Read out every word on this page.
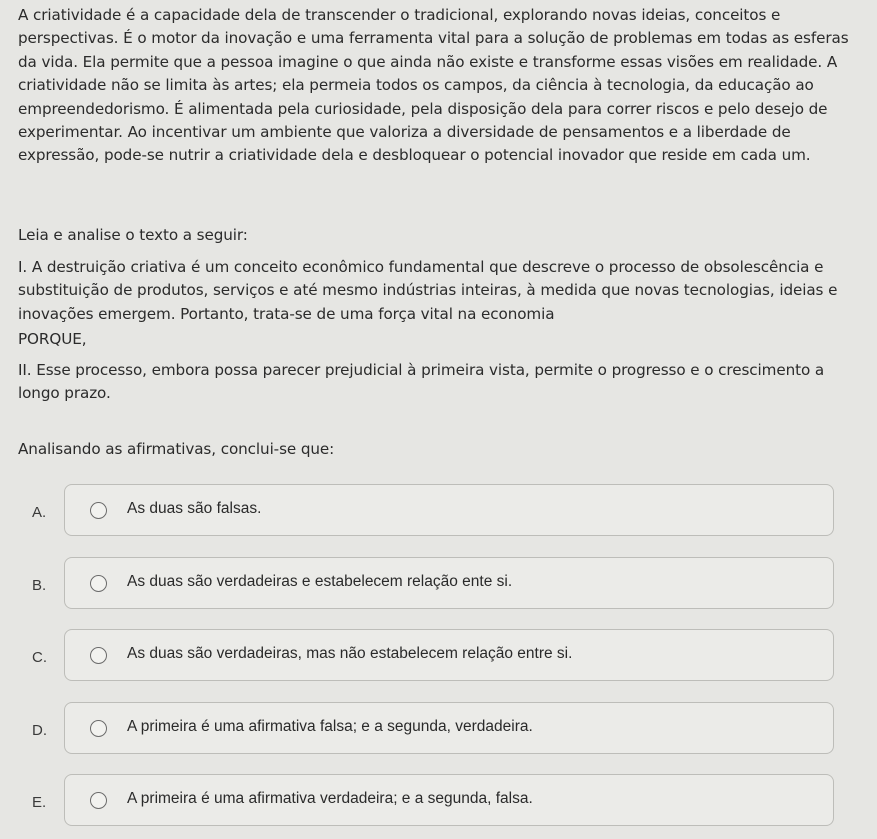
A criatividade é a capacidade dela de transcender o tradicional, explorando novas ideias, conceitos e perspectivas. É o motor da inovação e uma ferramenta vital para a solução de problemas em todas as esferas da vida. Ela permite que a pessoa imagine o que ainda não existe e transforme essas visões em realidade. A criatividade não se limita às artes; ela permeia todos os campos, da ciência à tecnologia, da educação ao empreendedorismo. É alimentada pela curiosidade, pela disposição dela para correr riscos e pelo desejo de experimentar. Ao incentivar um ambiente que valoriza a diversidade de pensamentos e a liberdade de expressão, pode-se nutrir a criatividade dela e desbloquear o potencial inovador que reside em cada um.

Leia e analise o texto a seguir:

I. A destruição criativa é um conceito econômico fundamental que descreve o processo de obsolescência e substituição de produtos, serviços e até mesmo indústrias inteiras, à medida que novas tecnologias, ideias e inovações emergem. Portanto, trata-se de uma força vital na economia

PORQUE,

II. Esse processo, embora possa parecer prejudicial à primeira vista, permite o progresso e o crescimento a longo prazo.

Analisando as afirmativas, conclui-se que:

A.	As duas são falsas.
B.	As duas são verdadeiras e estabelecem relação ente si.
C.	As duas são verdadeiras, mas não estabelecem relação entre si.
D.	A primeira é uma afirmativa falsa; e a segunda, verdadeira.
E.	A primeira é uma afirmativa verdadeira; e a segunda, falsa.
